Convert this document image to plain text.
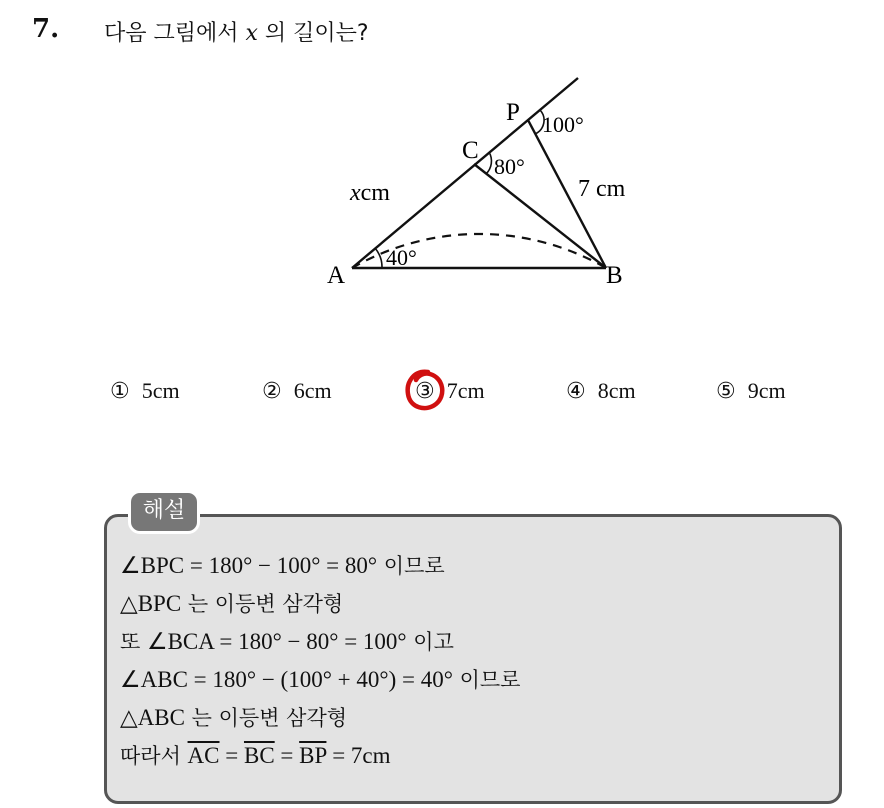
7. 다음 그림에서 x 의 길이는?
A	B
C
P
40°
80°
100°
xcm	7 cm
① 5cm	② 6cm	③ 7cm	④ 8cm	⑤ 9cm
해설
∠BPC = 180° − 100° = 80° 이므로
△BPC 는 이등변 삼각형
또 ∠BCA = 180° − 80° = 100° 이고
∠ABC = 180° − (100° + 40°) = 40° 이므로
△ABC 는 이등변 삼각형
따라서 $\overline{AC} = \overline{BC} = \overline{BP} = 7cm$
